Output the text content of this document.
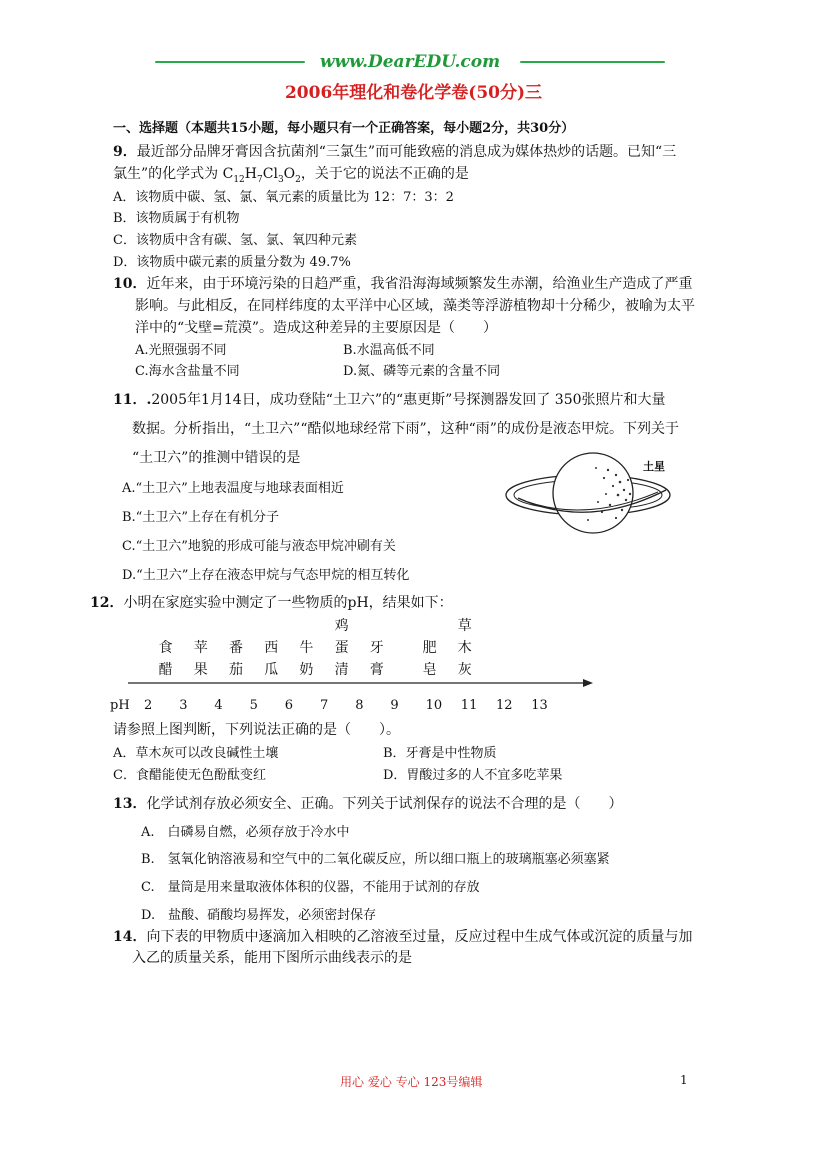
www.DearEDU.com
2006年理化和卷化学卷(50分)三
一、选择题（本题共15小题，每小题只有一个正确答案，每小题2分，共30分）
9．最近部分品牌牙膏因含抗菌剂“三氯生”而可能致癌的消息成为媒体热炒的话题。已知“三
氯生”的化学式为 $C_{12}H_7Cl_3O_2$，关于它的说法不正确的是
A．该物质中碳、氢、氯、氧元素的质量比为 12：7：3：2
B．该物质属于有机物
C．该物质中含有碳、氢、氯、氧四种元素
D．该物质中碳元素的质量分数为 49.7%
10．近年来，由于环境污染的日趋严重，我省沿海海域频繁发生赤潮，给渔业生产造成了严重
影响。与此相反，在同样纬度的太平洋中心区域，藻类等浮游植物却十分稀少，被喻为太平
洋中的“戈壁=荒漠”。造成这种差异的主要原因是（　　）
A.光照强弱不同	B.水温高低不同
C.海水含盐量不同	D.氮、磷等元素的含量不同
11．.2005年1月14日，成功登陆“土卫六”的“惠更斯”号探测器发回了 350张照片和大量
数据。分析指出，“土卫六”“酷似地球经常下雨”，这种“雨”的成份是液态甲烷。下列关于
“土卫六”的推测中错误的是
A.“土卫六”上地表温度与地球表面相近
B.“土卫六”上存在有机分子
C.“土卫六”地貌的形成可能与液态甲烷冲刷有关
D.“土卫六”上存在液态甲烷与气态甲烷的相互转化
土星
12．小明在家庭实验中测定了一些物质的pH，结果如下：
食醋
苹果
番茄
西瓜
牛奶
鸡蛋清
牙膏
肥皂
草木灰
pH 2 3 4 5 6 7 8 9 10 11 12 13
请参照上图判断，下列说法正确的是（　　）。
A．草木灰可以改良碱性土壤	B．牙膏是中性物质
C．食醋能使无色酚酞变红	D．胃酸过多的人不宜多吃苹果
13．化学试剂存放必须安全、正确。下列关于试剂保存的说法不合理的是（　　）
A.　白磷易自燃，必须存放于冷水中
B.　氢氧化钠溶液易和空气中的二氧化碳反应，所以细口瓶上的玻璃瓶塞必须塞紧
C.　量筒是用来量取液体体积的仪器，不能用于试剂的存放
D.　盐酸、硝酸均易挥发，必须密封保存
14．向下表的甲物质中逐滴加入相映的乙溶液至过量，反应过程中生成气体或沉淀的质量与加
入乙的质量关系，能用下图所示曲线表示的是
用心 爱心 专心 123号编辑	1
